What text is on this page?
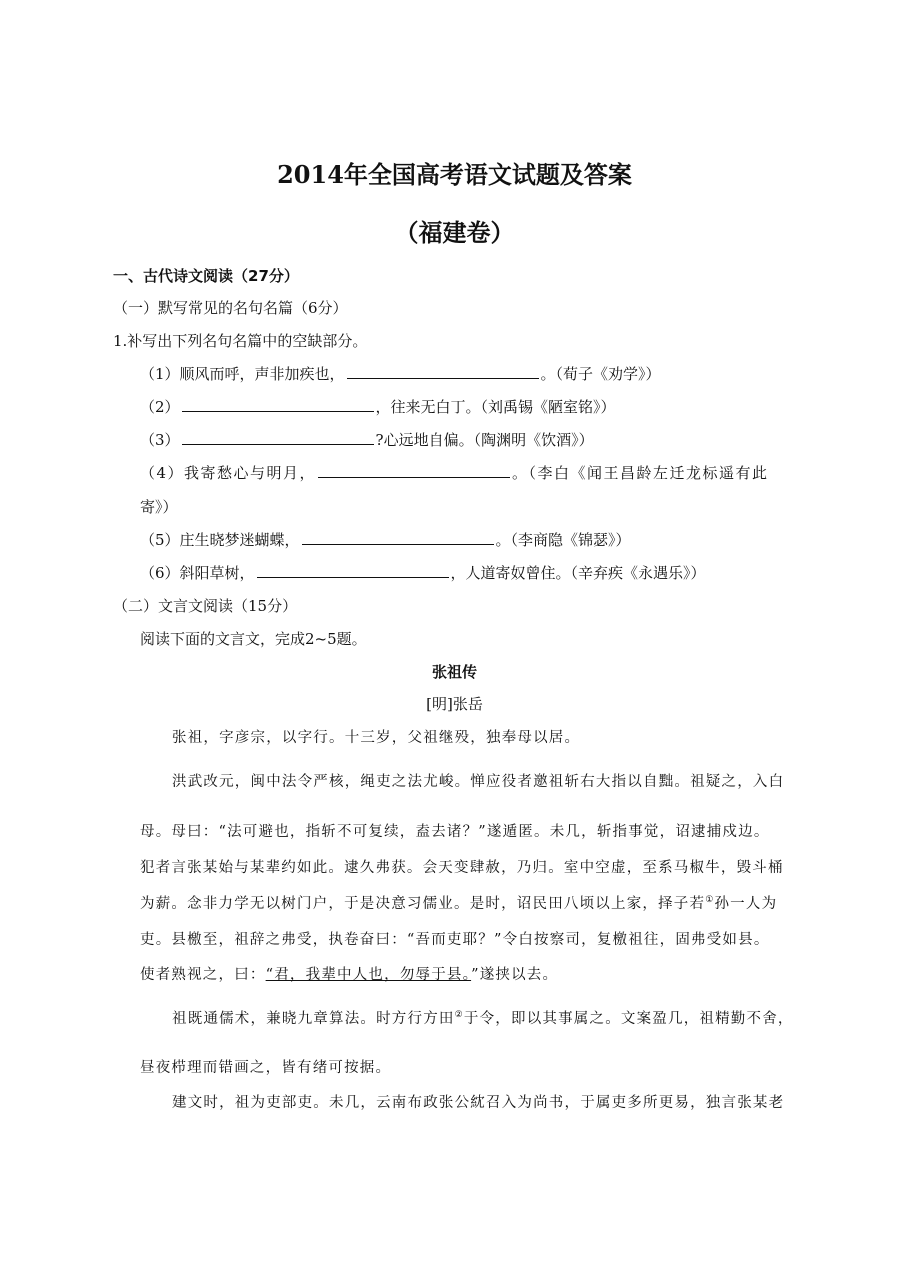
2014年全国高考语文试题及答案
（福建卷）
一、古代诗文阅读（27分）
（一）默写常见的名句名篇（6分）
1.补写出下列名句名篇中的空缺部分。
（1）顺风而呼，声非加疾也，	。（荀子《劝学》）
（2）	，往来无白丁。（刘禹锡《陋室铭》）
（3）	?心远地自偏。（陶渊明《饮酒》）
（4）我寄愁心与明月，	。（李白《闻王昌龄左迁龙标遥有此
寄》）
（5）庄生晓梦迷蝴蝶，	。（李商隐《锦瑟》）
（6）斜阳草树，	，人道寄奴曾住。（辛弃疾《永遇乐》）
（二）文言文阅读（15分）
阅读下面的文言文，完成2~5题。
张祖传
[明]张岳
张祖，字彦宗，以字行。十三岁，父祖继殁，独奉母以居。
洪武改元，闽中法令严核，绳吏之法尤峻。惮应役者邀祖斩右大指以自黜。祖疑之，入白
母。母曰：“法可避也，指斩不可复续，盍去诸？”遂遁匿。未几，斩指事觉，诏逮捕戍边。
犯者言张某始与某辈约如此。逮久弗获。会天变肆赦，乃归。室中空虚，至系马椒牛，毁斗桶
为薪。念非力学无以树门户，于是决意习儒业。是时，诏民田八顷以上家，择子若①孙一人为
吏。县檄至，祖辞之弗受，执卷奋曰：“吾而吏耶？”令白按察司，复檄祖往，固弗受如县。
使者熟视之，曰：“君，我辈中人也，勿辱于县。”遂挟以去。
祖既通儒术，兼晓九章算法。时方行方田②于令，即以其事属之。文案盈几，祖精勤不舍，
昼夜栉理而错画之，皆有绪可按据。
建文时，祖为吏部吏。未几，云南布政张公紞召入为尚书，于属吏多所更易，独言张某老
